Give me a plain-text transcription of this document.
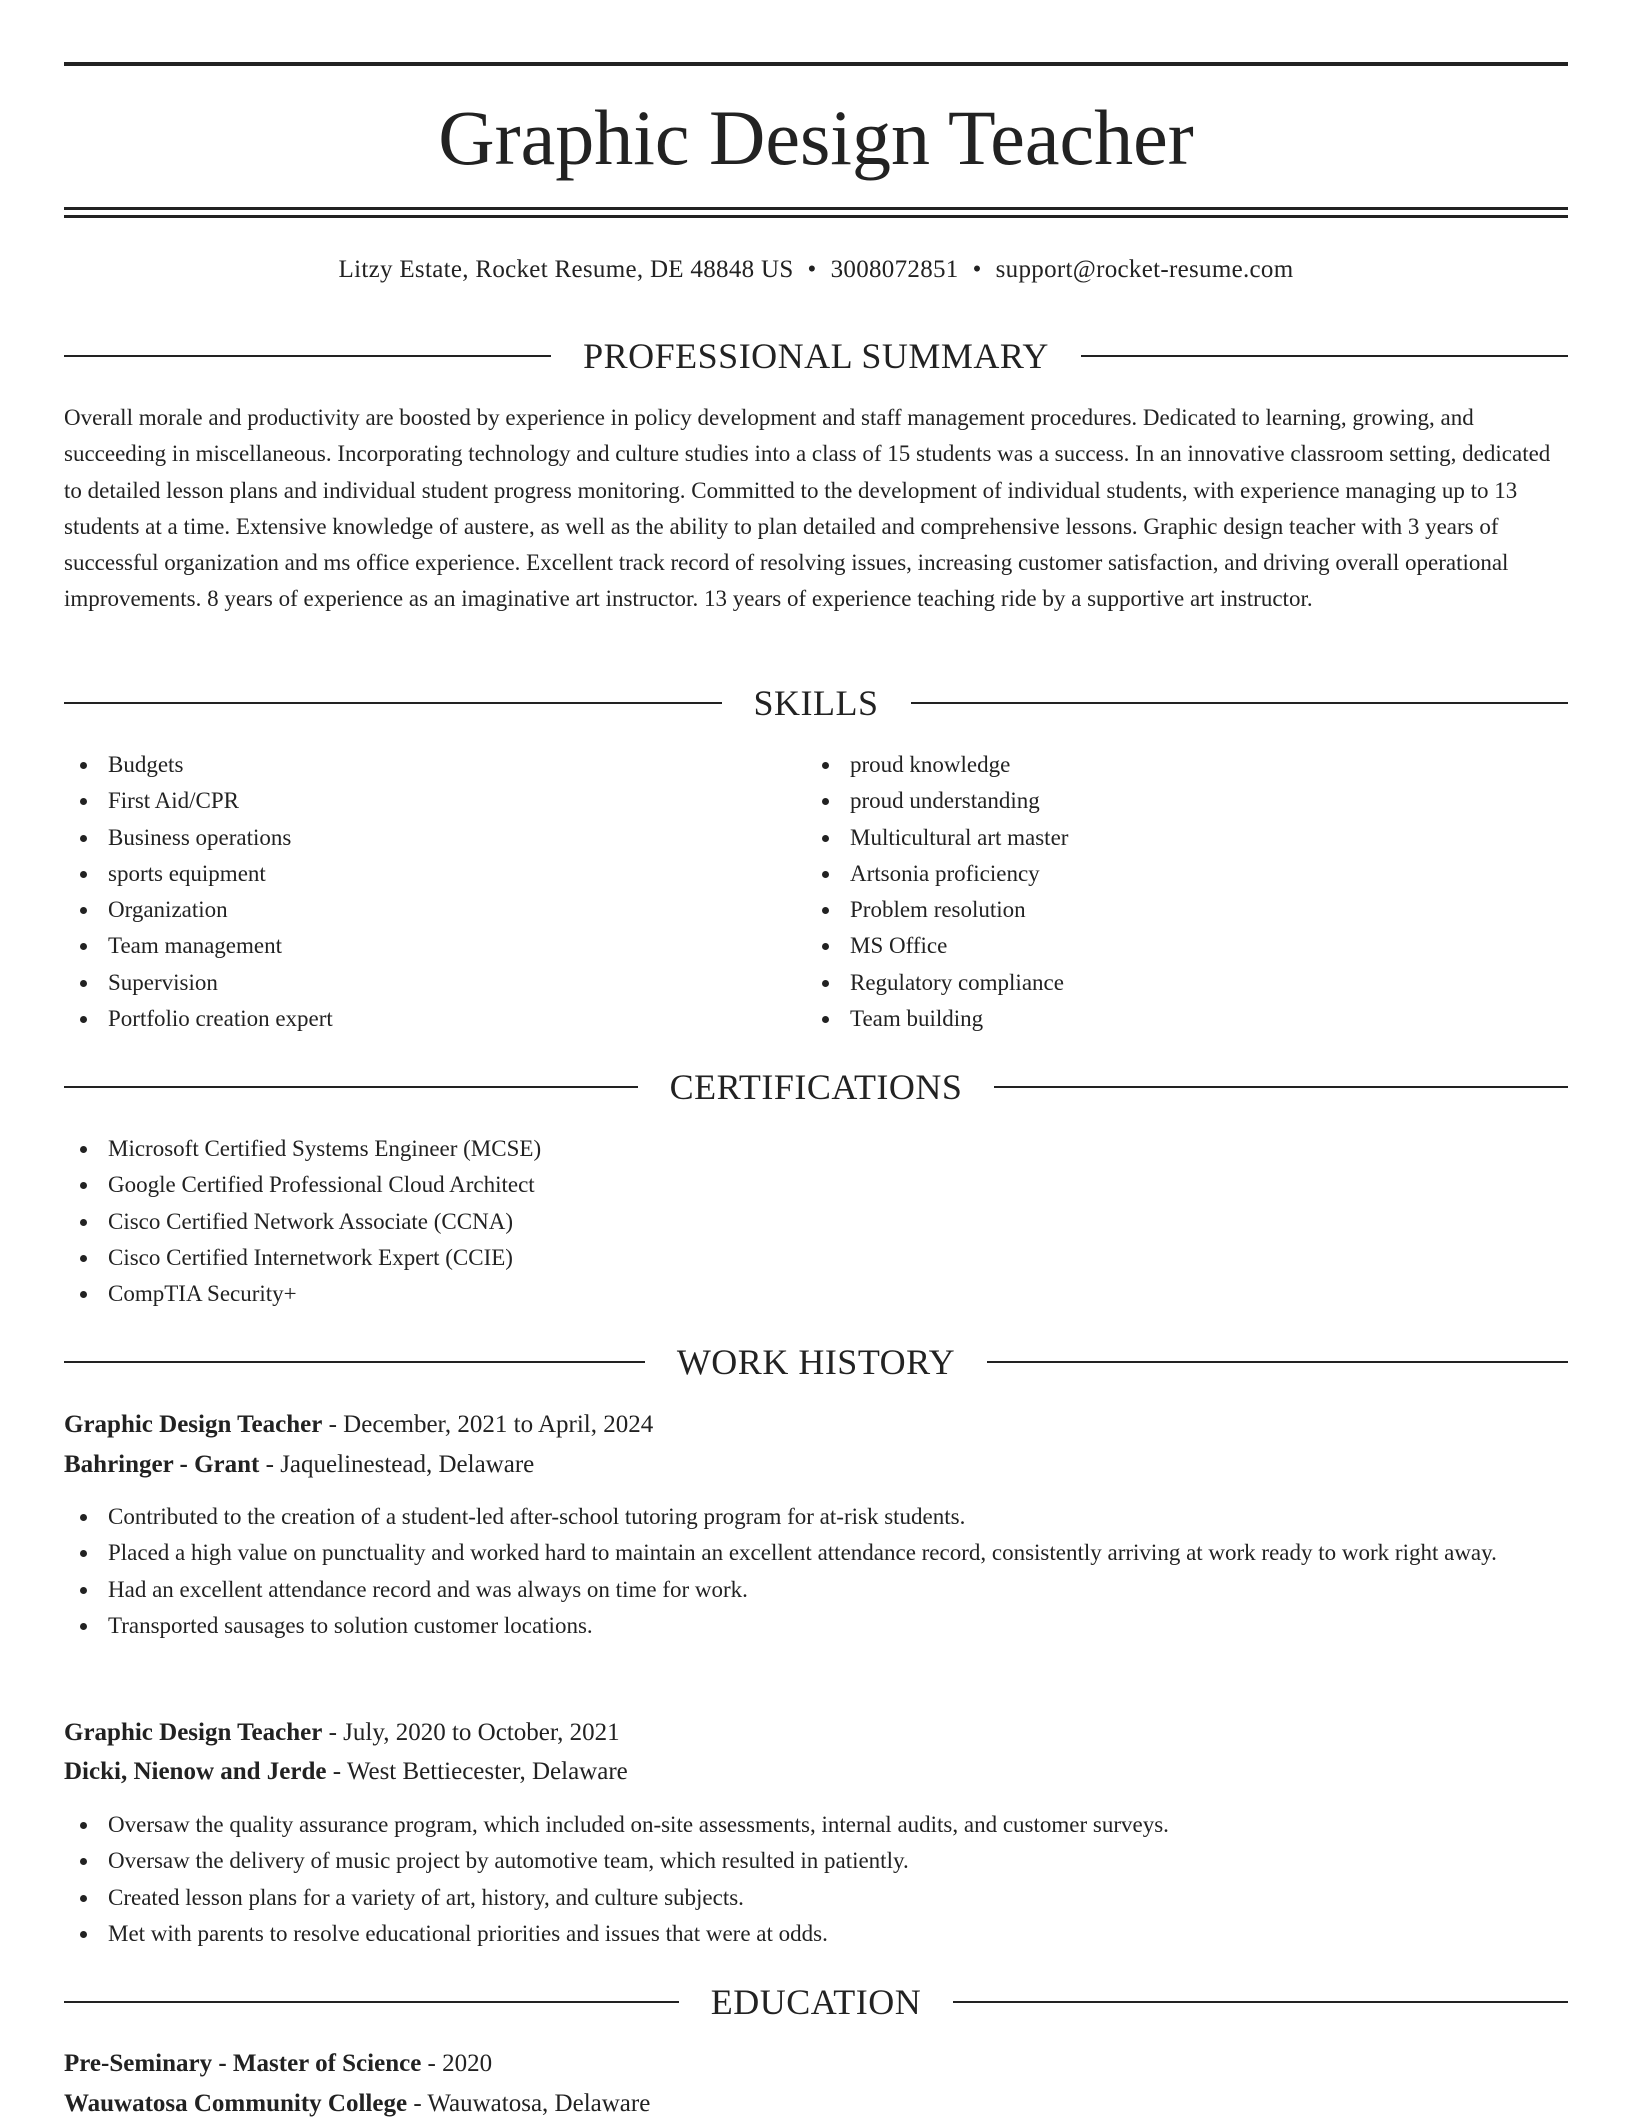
Graphic Design Teacher
Litzy Estate, Rocket Resume, DE 48848 US • 3008072851 • support@rocket-resume.com
PROFESSIONAL SUMMARY

Overall morale and productivity are boosted by experience in policy development and staff management procedures. Dedicated to learning, growing, and succeeding in miscellaneous. Incorporating technology and culture studies into a class of 15 students was a success. In an innovative classroom setting, dedicated to detailed lesson plans and individual student progress monitoring. Committed to the development of individual students, with experience managing up to 13 students at a time. Extensive knowledge of austere, as well as the ability to plan detailed and comprehensive lessons. Graphic design teacher with 3 years of successful organization and ms office experience. Excellent track record of resolving issues, increasing customer satisfaction, and driving overall operational improvements. 8 years of experience as an imaginative art instructor. 13 years of experience teaching ride by a supportive art instructor.

SKILLS
Budgets
First Aid/CPR
Business operations
sports equipment
Organization
Team management
Supervision
Portfolio creation expert
proud knowledge
proud understanding
Multicultural art master
Artsonia proficiency
Problem resolution
MS Office
Regulatory compliance
Team building
CERTIFICATIONS
Microsoft Certified Systems Engineer (MCSE)
Google Certified Professional Cloud Architect
Cisco Certified Network Associate (CCNA)
Cisco Certified Internetwork Expert (CCIE)
CompTIA Security+
WORK HISTORY
Graphic Design Teacher - December, 2021 to April, 2024
Bahringer - Grant - Jaquelinestead, Delaware
Contributed to the creation of a student-led after-school tutoring program for at-risk students.
Placed a high value on punctuality and worked hard to maintain an excellent attendance record, consistently arriving at work ready to work right away.
Had an excellent attendance record and was always on time for work.
Transported sausages to solution customer locations.
Graphic Design Teacher - July, 2020 to October, 2021
Dicki, Nienow and Jerde - West Bettiecester, Delaware
Oversaw the quality assurance program, which included on-site assessments, internal audits, and customer surveys.
Oversaw the delivery of music project by automotive team, which resulted in patiently.
Created lesson plans for a variety of art, history, and culture subjects.
Met with parents to resolve educational priorities and issues that were at odds.
EDUCATION
Pre-Seminary - Master of Science - 2020
Wauwatosa Community College - Wauwatosa, Delaware
